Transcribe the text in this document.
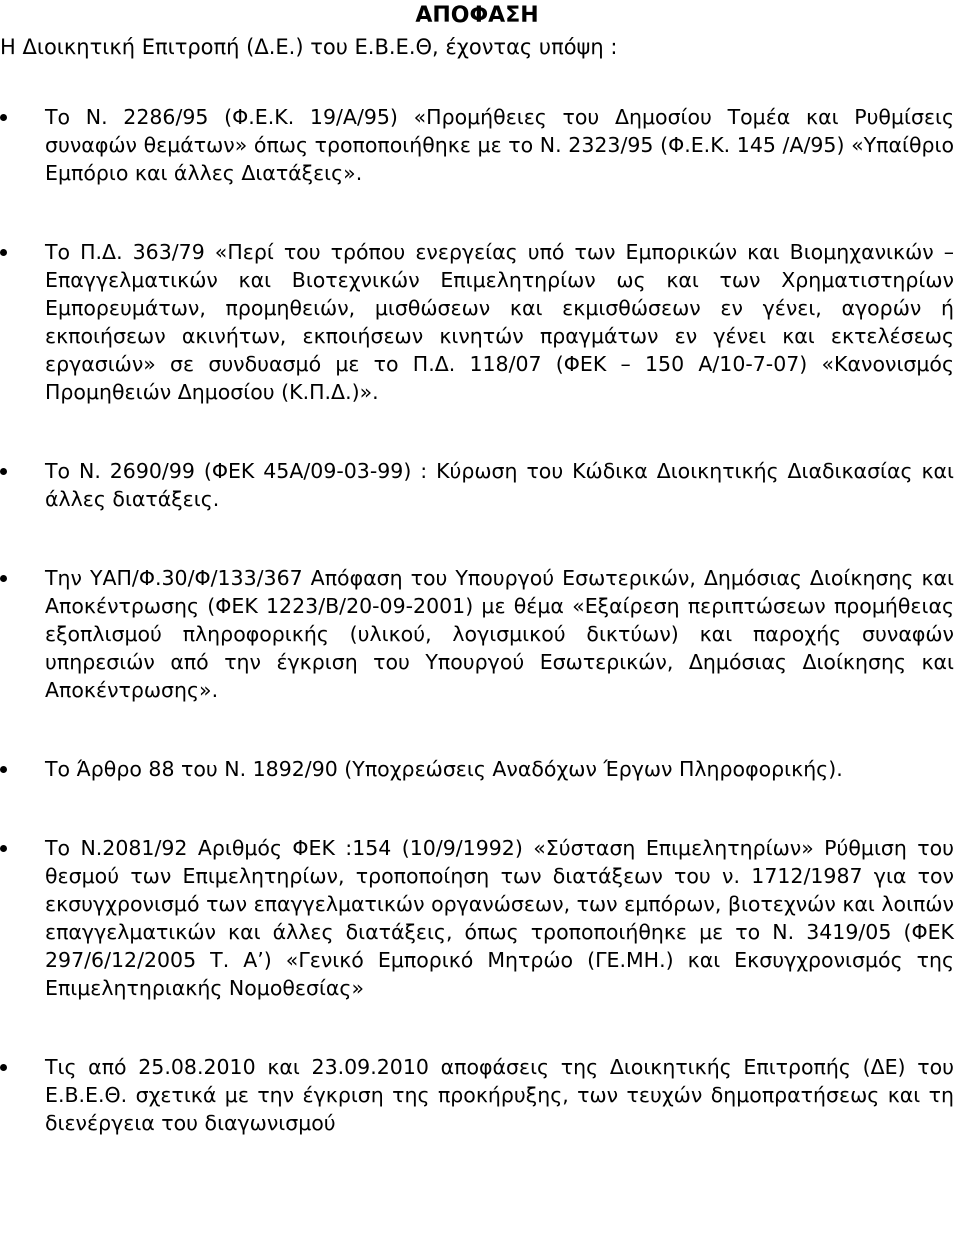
ΑΠΟΦΑΣΗ

Η Διοικητική Επιτροπή (Δ.Ε.) του Ε.Β.Ε.Θ, έχοντας υπόψη :

Το Ν. 2286/95 (Φ.Ε.Κ. 19/Α/95) «Προμήθειες του Δημοσίου Τομέα και Ρυθμίσεις συναφών θεμάτων» όπως τροποποιήθηκε με το Ν. 2323/95 (Φ.Ε.Κ. 145 /Α/95) «Υπαίθριο Εμπόριο και άλλες Διατάξεις».
Το Π.Δ. 363/79 «Περί του τρόπου ενεργείας υπό των Εμπορικών και Βιομηχανικών – Επαγγελματικών και Βιοτεχνικών Επιμελητηρίων ως και των Χρηματιστηρίων Εμπορευμάτων, προμηθειών, μισθώσεων και εκμισθώσεων εν γένει, αγορών ή εκποιήσεων ακινήτων, εκποιήσεων κινητών πραγμάτων εν γένει και εκτελέσεως εργασιών» σε συνδυασμό με το Π.Δ. 118/07 (ΦΕΚ – 150 Α/10-7-07) «Κανονισμός Προμηθειών Δημοσίου (Κ.Π.Δ.)».
Το Ν. 2690/99 (ΦΕΚ 45Α/09-03-99) : Κύρωση του Κώδικα Διοικητικής Διαδικασίας και άλλες διατάξεις.
Την ΥΑΠ/Φ.30/Φ/133/367 Απόφαση του Υπουργού Εσωτερικών, Δημόσιας Διοίκησης και Αποκέντρωσης (ΦΕΚ 1223/Β/20-09-2001) με θέμα «Εξαίρεση περιπτώσεων προμήθειας εξοπλισμού πληροφορικής (υλικού, λογισμικού δικτύων) και παροχής συναφών υπηρεσιών από την έγκριση του Υπουργού Εσωτερικών, Δημόσιας Διοίκησης και Αποκέντρωσης».
Το Άρθρο 88 του Ν. 1892/90 (Υποχρεώσεις Αναδόχων Έργων Πληροφορικής).
Το Ν.2081/92 Αριθμός ΦΕΚ :154 (10/9/1992) «Σύσταση Επιμελητηρίων» Ρύθμιση του θεσμού των Επιμελητηρίων, τροποποίηση των διατάξεων του ν. 1712/1987 για τον εκσυγχρονισμό των επαγγελματικών οργανώσεων, των εμπόρων, βιοτεχνών και λοιπών επαγγελματικών και άλλες διατάξεις, όπως τροποποιήθηκε με το Ν. 3419/05 (ΦΕΚ 297/6/12/2005 Τ. Α’) «Γενικό Εμπορικό Μητρώο (ΓΕ.ΜΗ.) και Εκσυγχρονισμός της Επιμελητηριακής Νομοθεσίας»
Τις από 25.08.2010 και 23.09.2010 αποφάσεις της Διοικητικής Επιτροπής (ΔΕ) του Ε.Β.Ε.Θ. σχετικά με την έγκριση της προκήρυξης, των τευχών δημοπρατήσεως και τη διενέργεια του διαγωνισμού
